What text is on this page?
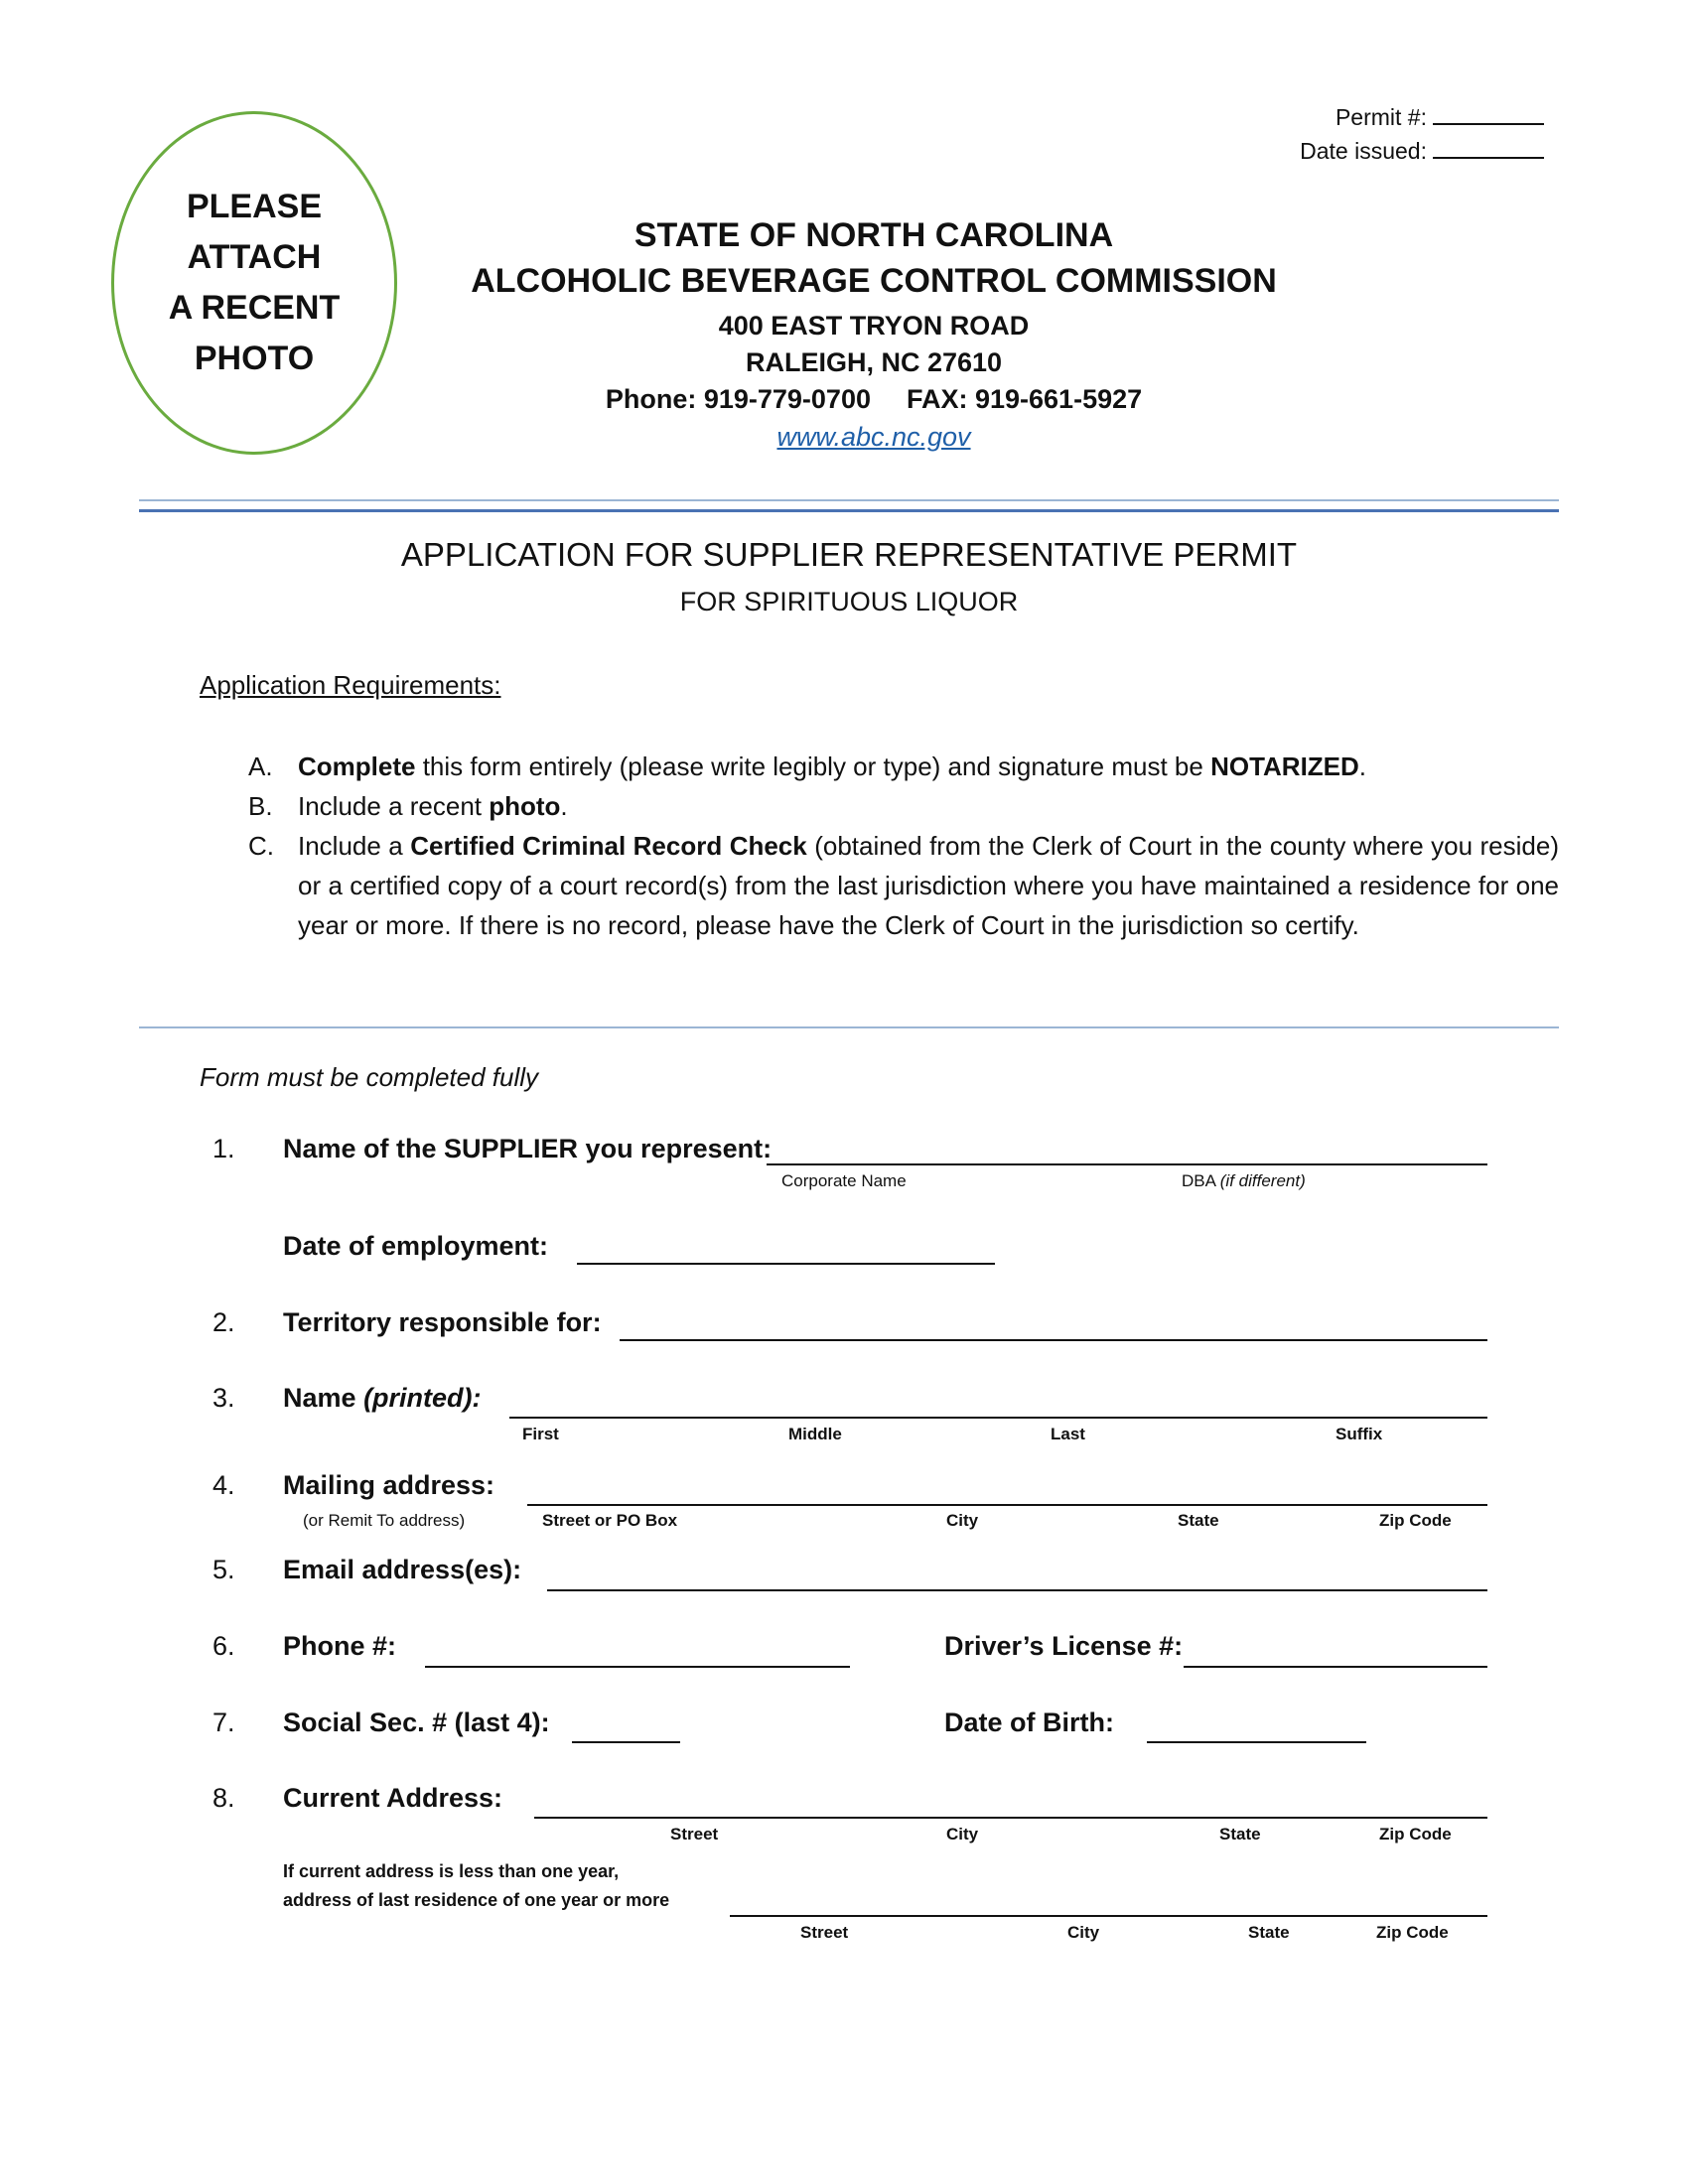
Permit #:
Date issued:
PLEASE
ATTACH
A RECENT
PHOTO
STATE OF NORTH CAROLINA
ALCOHOLIC BEVERAGE CONTROL COMMISSION
400 EAST TRYON ROAD
RALEIGH, NC 27610
Phone: 919-779-0700 FAX: 919-661-5927
www.abc.nc.gov
APPLICATION FOR SUPPLIER REPRESENTATIVE PERMIT
FOR SPIRITUOUS LIQUOR
Application Requirements:
A. Complete this form entirely (please write legibly or type) and signature must be NOTARIZED.
B. Include a recent photo.
C. Include a Certified Criminal Record Check (obtained from the Clerk of Court in the county where you reside) or a certified copy of a court record(s) from the last jurisdiction where you have maintained a residence for one year or more. If there is no record, please have the Clerk of Court in the jurisdiction so certify.
Form must be completed fully
1. Name of the SUPPLIER you represent:
Corporate Name	DBA (if different)
Date of employment:
2. Territory responsible for:
3. Name (printed):
First	Middle	Last	Suffix
4. Mailing address:
(or Remit To address)	Street or PO Box	City	State	Zip Code
5. Email address(es):
6. Phone #:	Driver’s License #:
7. Social Sec. # (last 4):	Date of Birth:
8. Current Address:
Street	City	State	Zip Code
If current address is less than one year,
address of last residence of one year or more
Street	City	State	Zip Code
